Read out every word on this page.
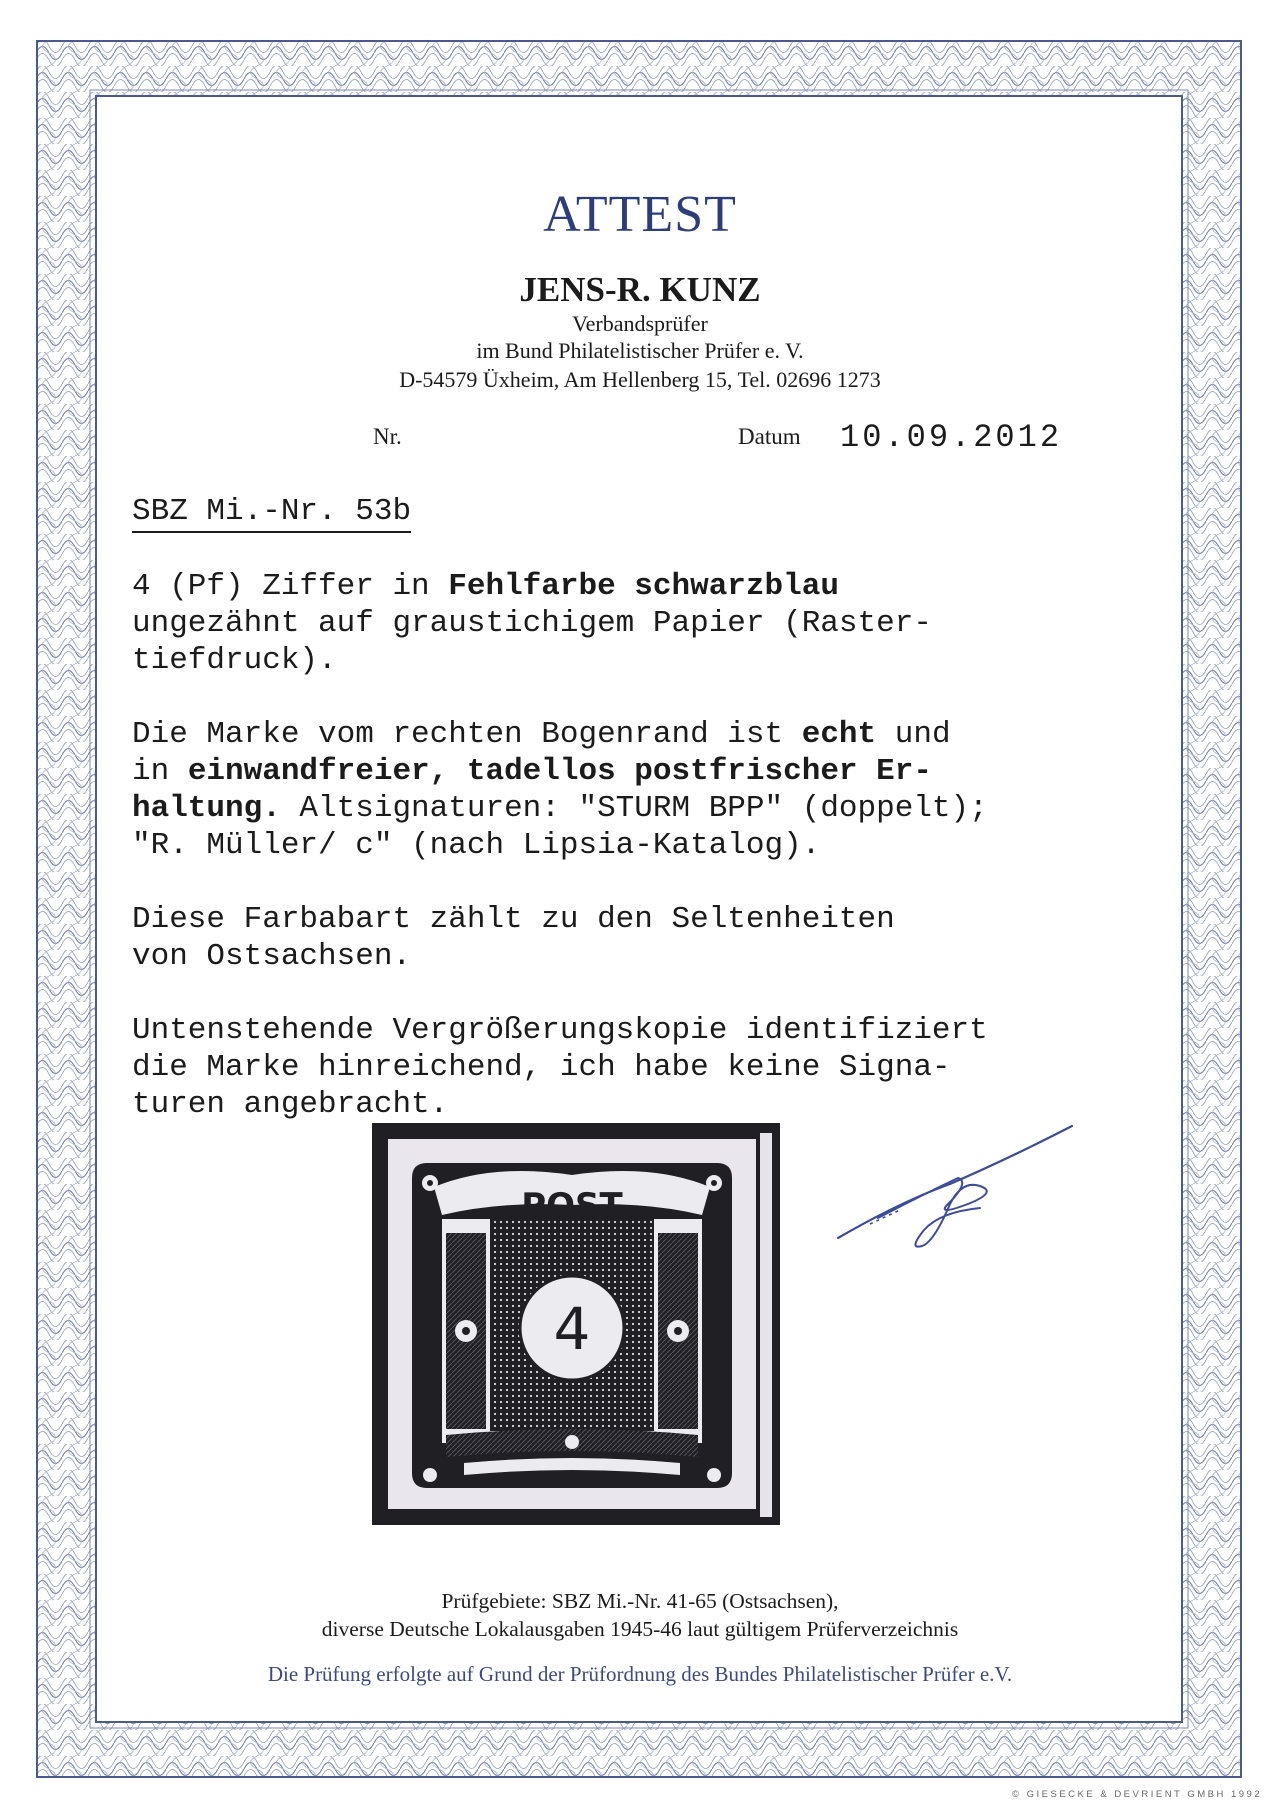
ATTEST
JENS-R. KUNZ
Verbandsprüfer
im Bund Philatelistischer Prüfer e. V.
D-54579 Üxheim, Am Hellenberg 15, Tel. 02696 1273
Nr.	Datum 10.09.2012
SBZ Mi.-Nr. 53b
4 (Pf) Ziffer in Fehlfarbe schwarzblau
ungezähnt auf graustichigem Papier (Raster-
tiefdruck).
Die Marke vom rechten Bogenrand ist echt und
in einwandfreier, tadellos postfrischer Er-
haltung. Altsignaturen: "STURM BPP" (doppelt);
"R. Müller/ c" (nach Lipsia-Katalog).
Diese Farbabart zählt zu den Seltenheiten
von Ostsachsen.
Untenstehende Vergrößerungskopie identifiziert
die Marke hinreichend, ich habe keine Signa-
turen angebracht.
POST
4
Prüfgebiete: SBZ Mi.-Nr. 41-65 (Ostsachsen),
diverse Deutsche Lokalausgaben 1945-46 laut gültigem Prüferverzeichnis
Die Prüfung erfolgte auf Grund der Prüfordnung des Bundes Philatelistischer Prüfer e.V.
© GIESECKE & DEVRIENT GMBH 1992
